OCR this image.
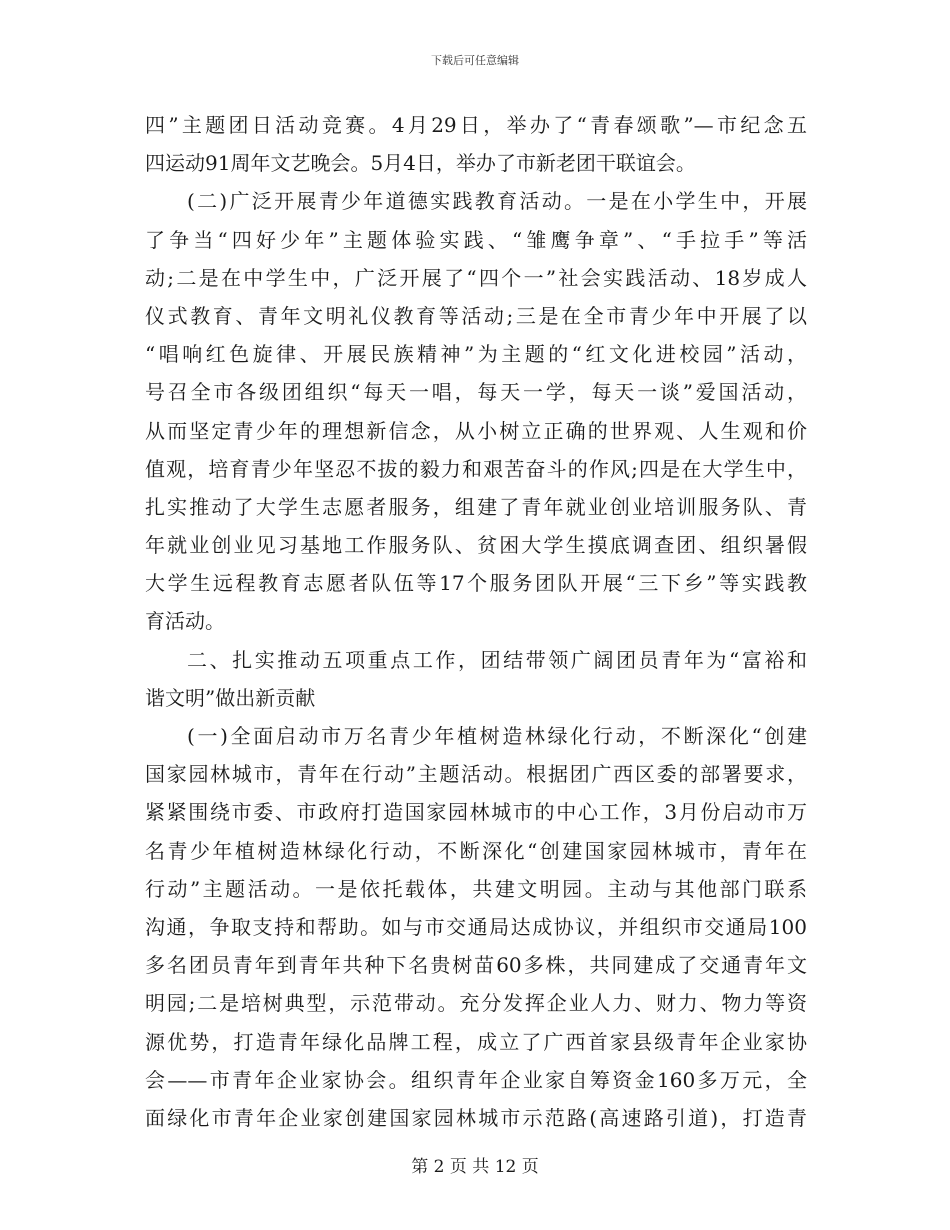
下载后可任意编辑
四”主题团日活动竞赛。4月29日，举办了“青春颂歌”—市纪念五
四运动91周年文艺晚会。5月4日，举办了市新老团干联谊会。
(二)广泛开展青少年道德实践教育活动。一是在小学生中，开展
了争当“四好少年”主题体验实践、“雏鹰争章”、“手拉手”等活
动;二是在中学生中，广泛开展了“四个一”社会实践活动、18岁成人
仪式教育、青年文明礼仪教育等活动;三是在全市青少年中开展了以
“唱响红色旋律、开展民族精神”为主题的“红文化进校园”活动，
号召全市各级团组织“每天一唱，每天一学，每天一谈”爱国活动，
从而坚定青少年的理想新信念，从小树立正确的世界观、人生观和价
值观，培育青少年坚忍不拔的毅力和艰苦奋斗的作风;四是在大学生中，
扎实推动了大学生志愿者服务，组建了青年就业创业培训服务队、青
年就业创业见习基地工作服务队、贫困大学生摸底调查团、组织暑假
大学生远程教育志愿者队伍等17个服务团队开展“三下乡”等实践教
育活动。
二、扎实推动五项重点工作，团结带领广阔团员青年为“富裕和
谐文明”做出新贡献
(一)全面启动市万名青少年植树造林绿化行动，不断深化“创建
国家园林城市，青年在行动”主题活动。根据团广西区委的部署要求，
紧紧围绕市委、市政府打造国家园林城市的中心工作，3月份启动市万
名青少年植树造林绿化行动，不断深化“创建国家园林城市，青年在
行动”主题活动。一是依托载体，共建文明园。主动与其他部门联系
沟通，争取支持和帮助。如与市交通局达成协议，并组织市交通局100
多名团员青年到青年共种下名贵树苗60多株，共同建成了交通青年文
明园;二是培树典型，示范带动。充分发挥企业人力、财力、物力等资
源优势，打造青年绿化品牌工程，成立了广西首家县级青年企业家协
会——市青年企业家协会。组织青年企业家自筹资金160多万元，全
面绿化市青年企业家创建国家园林城市示范路(高速路引道)，打造青
第 2 页 共 12 页
